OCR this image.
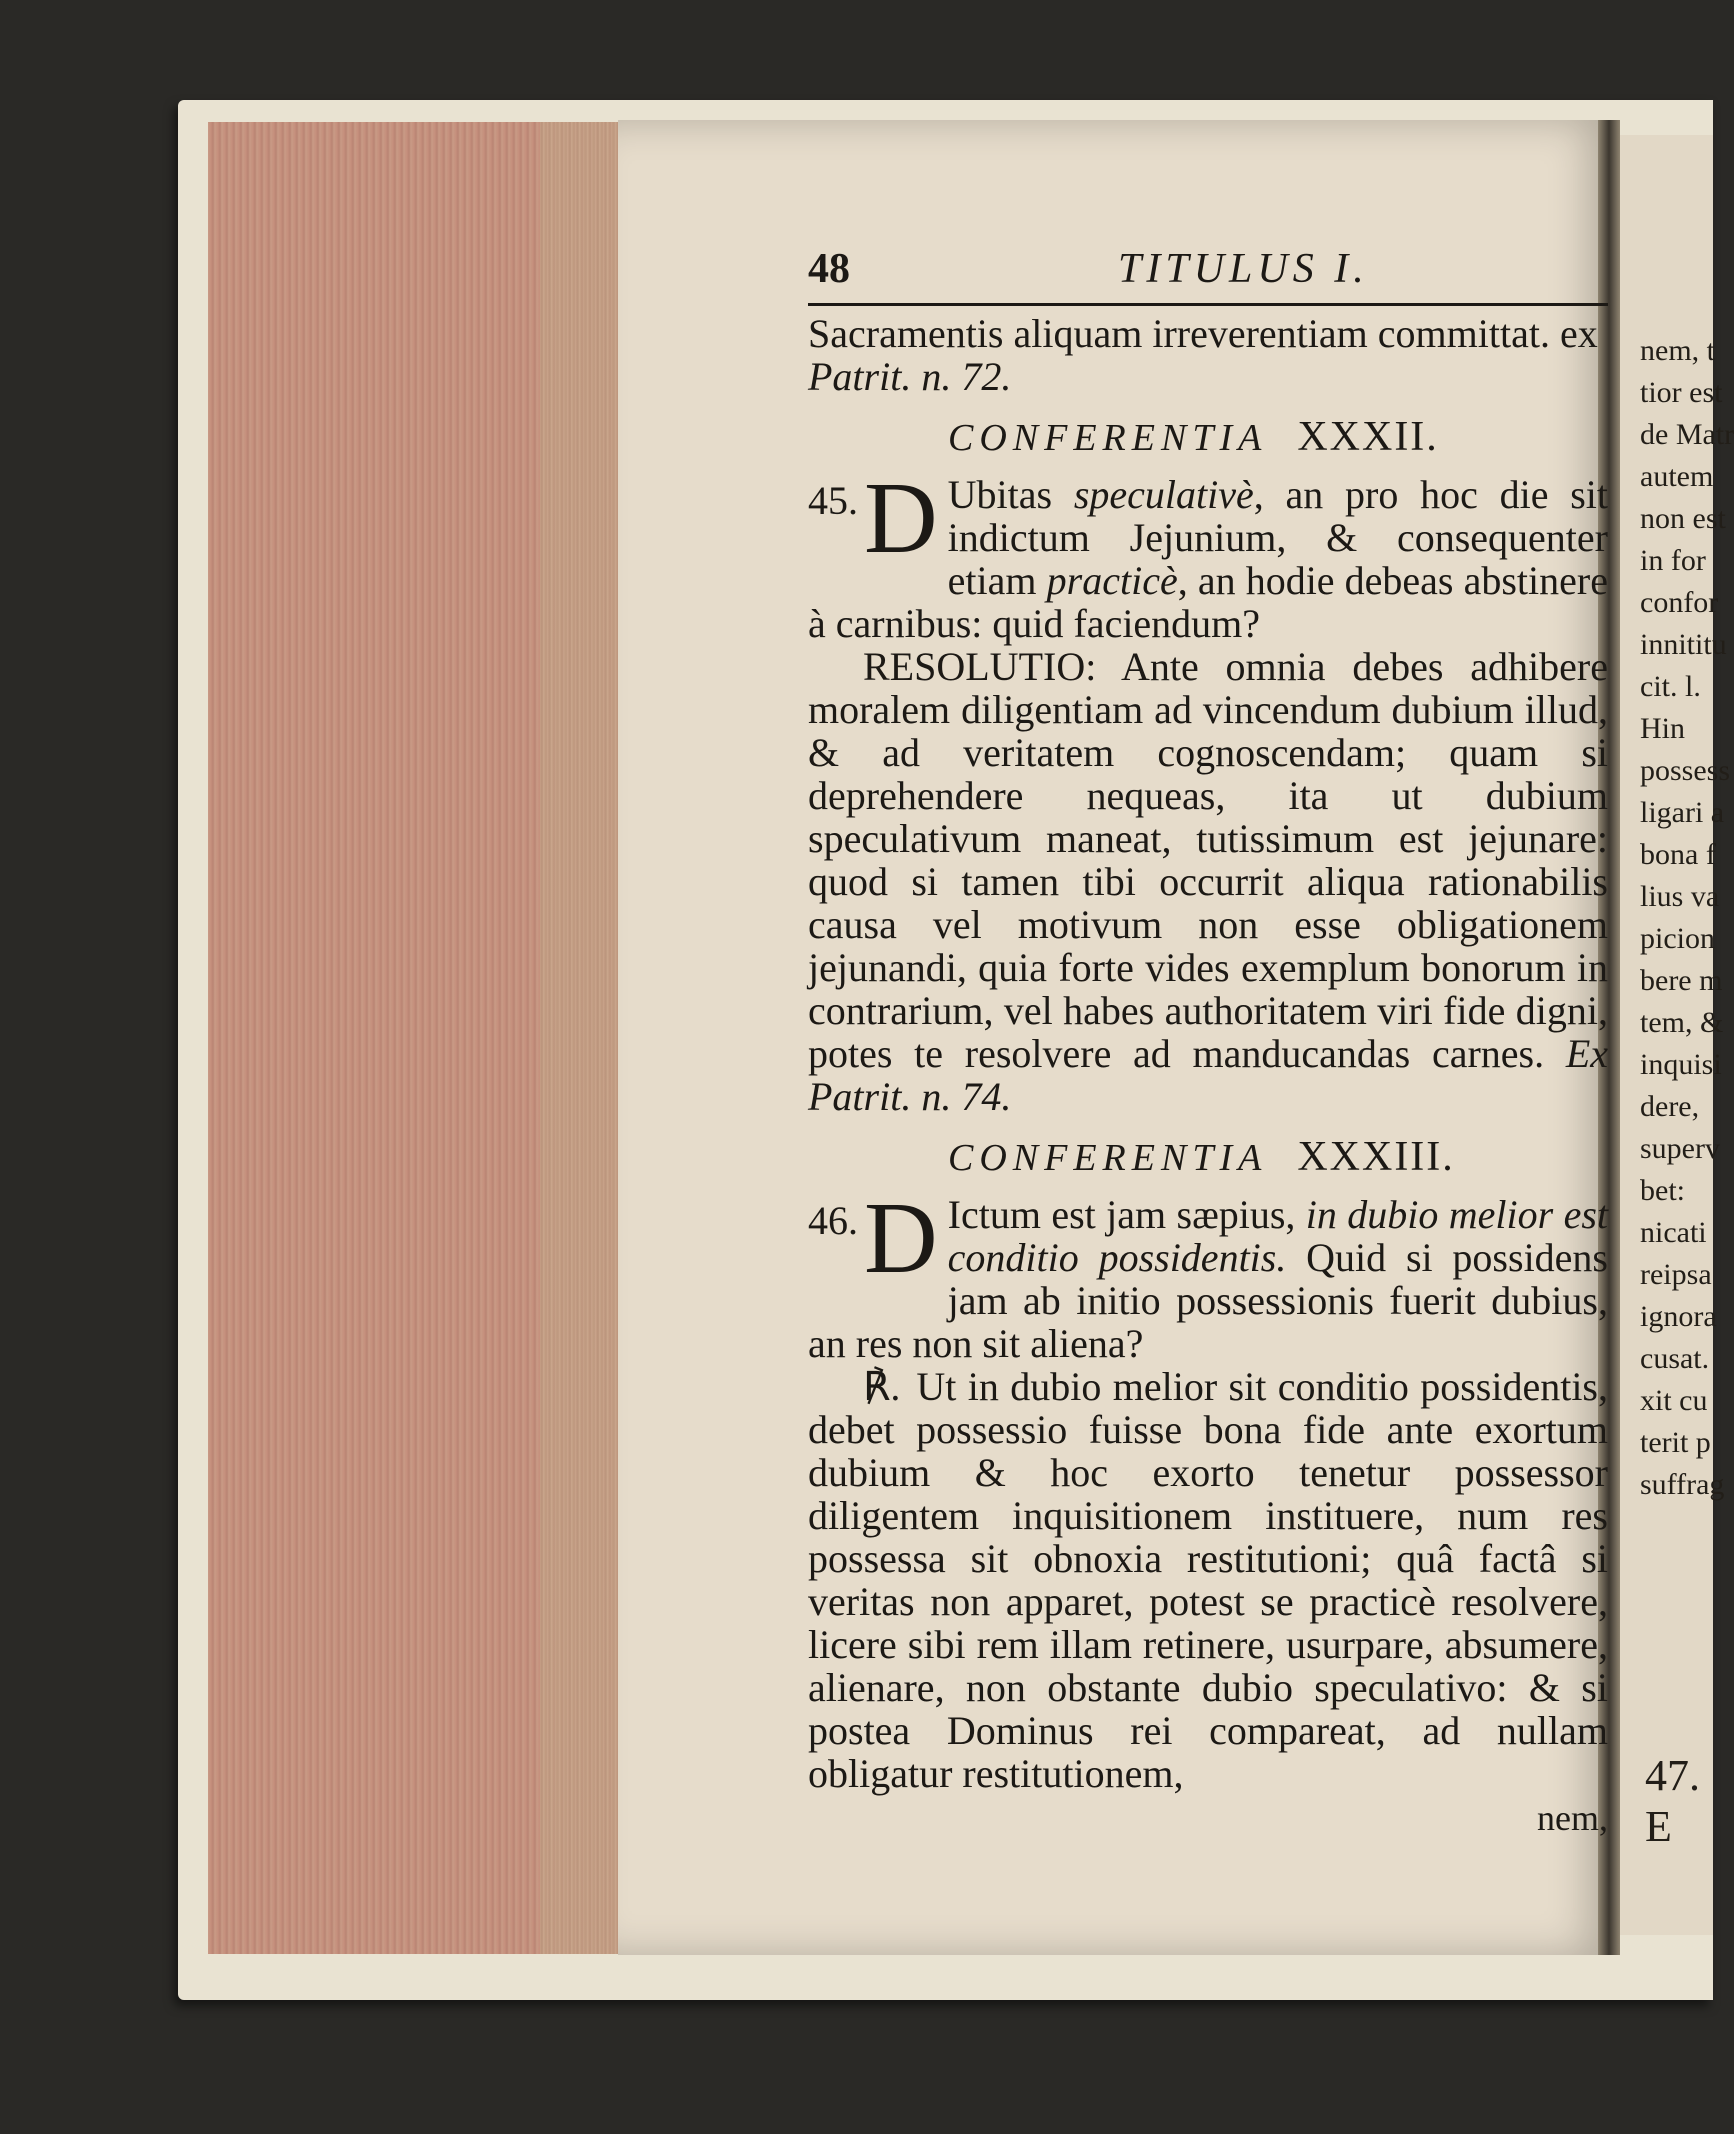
48	TITULUS I.

Sacramentis aliquam irreverentiam committat. ex
Patrit. n. 72.

CONFERENTIA XXXII.

45. D Ubitas speculativè, an pro hoc die sit indictum Jejunium, & consequenter etiam practicè, an hodie debeas abstinere à carnibus: quid faciendum?

RESOLUTIO: Ante omnia debes adhibere moralem diligentiam ad vincendum dubium illud, & ad veritatem cognoscendam; quam si deprehendere nequeas, ita ut dubium speculativum maneat, tutissimum est jejunare: quod si tamen tibi occurrit aliqua rationabilis causa vel motivum non esse obligationem jejunandi, quia forte vides exemplum bonorum in contrarium, vel habes authoritatem viri fide digni, potes te resolvere ad manducandas carnes. Ex Patrit. n. 74.

CONFERENTIA XXXIII.

46. D Ictum est jam sæpius, in dubio melior est conditio possidentis. Quid si possidens jam ab initio possessionis fuerit dubius, an res non sit aliena?

℟. Ut in dubio melior sit conditio possidentis, debet possessio fuisse bona fide ante exortum dubium & hoc exorto tenetur possessor diligentem inquisitionem instituere, num res possessa sit obnoxia restitutioni; quâ factâ si veritas non apparet, potest se practicè resolvere, licere sibi rem illam retinere, usurpare, absumere, alienare, non obstante dubio speculativo: & si postea Dominus rei compareat, ad nullam obligatur restitutionem,

nem,
nem, t
tior est
de Matr
autem
non est
in for
confor
innititu
cit. l.
Hin
possess
ligari a
bona f
lius va
picion
bere m
tem, &
inquisi
dere,
superv
bet:
nicati
reipsa
ignora
cusat.
xit cu
terit p
suffrag
47. E
